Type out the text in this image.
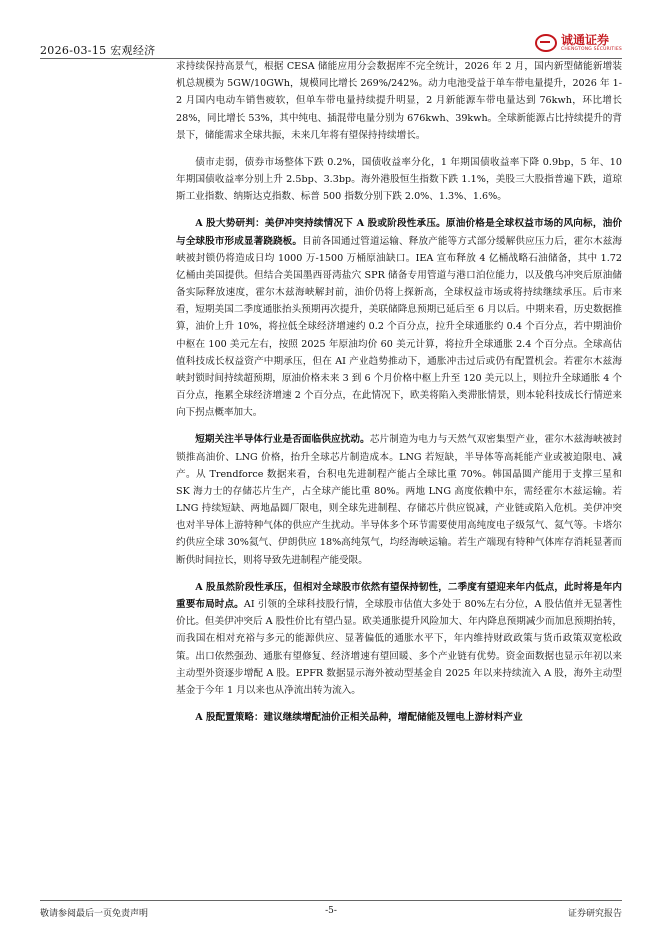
2026-03-15 宏观经济
诚通证券
CHENGTONG SECURITIES

求持续保持高景气，根据 CESA 储能应用分会数据库不完全统计，2026 年 2 月，国内新型储能新增装机总规模为 5GW/10GWh，规模同比增长 269%/242%。动力电池受益于单车带电量提升，2026 年 1-2 月国内电动车销售疲软，但单车带电量持续提升明显，2 月新能源车带电量达到 76kwh，环比增长 28%，同比增长 53%，其中纯电、插混带电量分别为 676kwh、39kwh。全球新能源占比持续提升的背景下，储能需求全球共振，未来几年将有望保持持续增长。

债市走弱，债券市场整体下跌 0.2%，国债收益率分化，1 年期国债收益率下降 0.9bp，5 年、10 年期国债收益率分别上升 2.5bp、3.3bp。海外港股恒生指数下跌 1.1%，美股三大股指普遍下跌，道琼斯工业指数、纳斯达克指数、标普 500 指数分别下跌 2.0%、1.3%、1.6%。

A 股大势研判：美伊冲突持续情况下 A 股或阶段性承压。原油价格是全球权益市场的风向标，油价与全球股市形成显著跷跷板。目前各国通过管道运输、释放产能等方式部分缓解供应压力后，霍尔木兹海峡被封锁仍将造成日均 1000 万-1500 万桶原油缺口。IEA 宣布释放 4 亿桶战略石油储备，其中 1.72 亿桶由美国提供。但结合美国墨西哥湾盐穴 SPR 储备专用管道与港口泊位能力，以及俄乌冲突后原油储备实际释放速度，霍尔木兹海峡解封前，油价仍将上探新高，全球权益市场或将持续继续承压。后市来看，短期美国二季度通胀抬头预期再次提升，美联储降息预期已延后至 6 月以后。中期来看，历史数据推算，油价上升 10%，将拉低全球经济增速约 0.2 个百分点，拉升全球通胀约 0.4 个百分点，若中期油价中枢在 100 美元左右，按照 2025 年原油均价 60 美元计算，将拉升全球通胀 2.4 个百分点。全球高估值科技成长权益资产中期承压，但在 AI 产业趋势推动下，通胀冲击过后或仍有配置机会。若霍尔木兹海峡封锁时间持续超预期，原油价格未来 3 到 6 个月价格中枢上升至 120 美元以上，则拉升全球通胀 4 个百分点，拖累全球经济增速 2 个百分点，在此情况下，欧美将陷入类滞胀情景，则本轮科技成长行情逆来向下拐点概率加大。

短期关注半导体行业是否面临供应扰动。芯片制造为电力与天然气双密集型产业，霍尔木兹海峡被封锁推高油价、LNG 价格，抬升全球芯片制造成本。LNG 若短缺，半导体等高耗能产业或被迫限电、减产。从 Trendforce 数据来看，台积电先进制程产能占全球比重 70%。韩国晶圆产能用于支撑三星和 SK 海力士的存储芯片生产，占全球产能比重 80%。两地 LNG 高度依赖中东，需经霍尔木兹运输。若 LNG 持续短缺、两地晶圆厂限电，则全球先进制程、存储芯片供应锐减，产业链或陷入危机。美伊冲突也对半导体上游特种气体的供应产生扰动。半导体多个环节需要使用高纯度电子级氖气、氦气等。卡塔尔约供应全球 30%氦气、伊朗供应 18%高纯氖气，均经海峡运输。若生产端现有特种气体库存消耗显著而断供时间拉长，则将导致先进制程产能受限。

A 股虽然阶段性承压，但相对全球股市依然有望保持韧性，二季度有望迎来年内低点，此时将是年内重要布局时点。AI 引领的全球科技股行情，全球股市估值大多处于 80%左右分位，A 股估值并无显著性价比。但美伊冲突后 A 股性价比有望凸显。欧美通胀提升风险加大、年内降息预期减少而加息预期抬转，而我国在相对充裕与多元的能源供应、显著偏低的通胀水平下，年内维持财政政策与货币政策双宽松政策。出口依然强劲、通胀有望修复、经济增速有望回暖、多个产业链有优势。资金面数据也显示年初以来主动型外资逐步增配 A 股。EPFR 数据显示海外被动型基金自 2025 年以来持续流入 A 股，海外主动型基金于今年 1 月以来也从净流出转为流入。

A 股配置策略：建议继续增配油价正相关品种，增配储能及锂电上游材料产业

敬请参阅最后一页免责声明	-5-	证券研究报告
